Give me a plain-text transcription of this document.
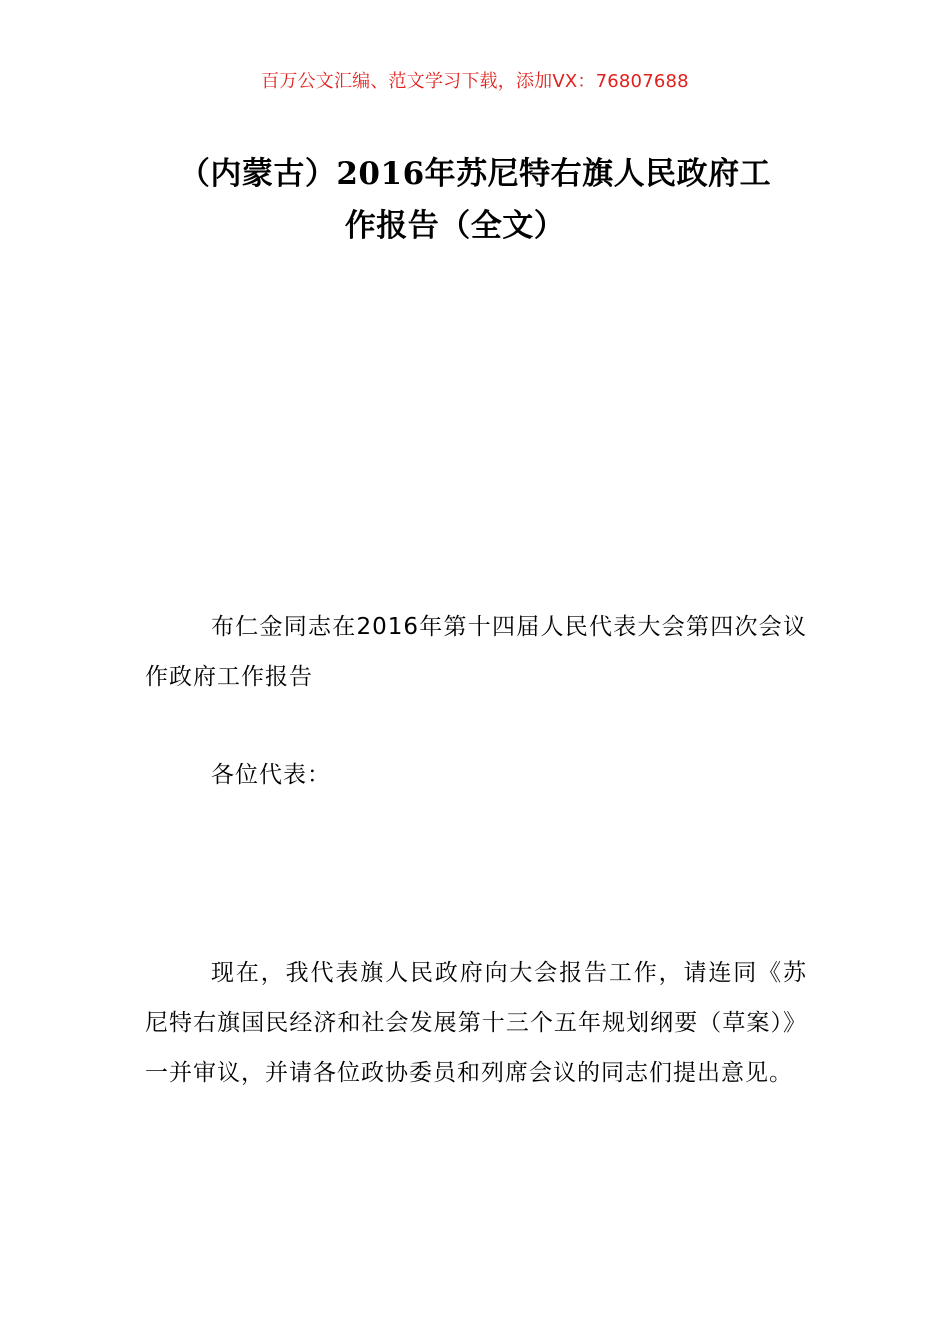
百万公文汇编、范文学习下载，添加VX：76807688
（内蒙古）2016年苏尼特右旗人民政府工
作报告（全文）

布仁金同志在2016年第十四届人民代表大会第四次会议作政府工作报告

各位代表：

现在，我代表旗人民政府向大会报告工作，请连同《苏尼特右旗国民经济和社会发展第十三个五年规划纲要（草案）》一并审议，并请各位政协委员和列席会议的同志们提出意见。
